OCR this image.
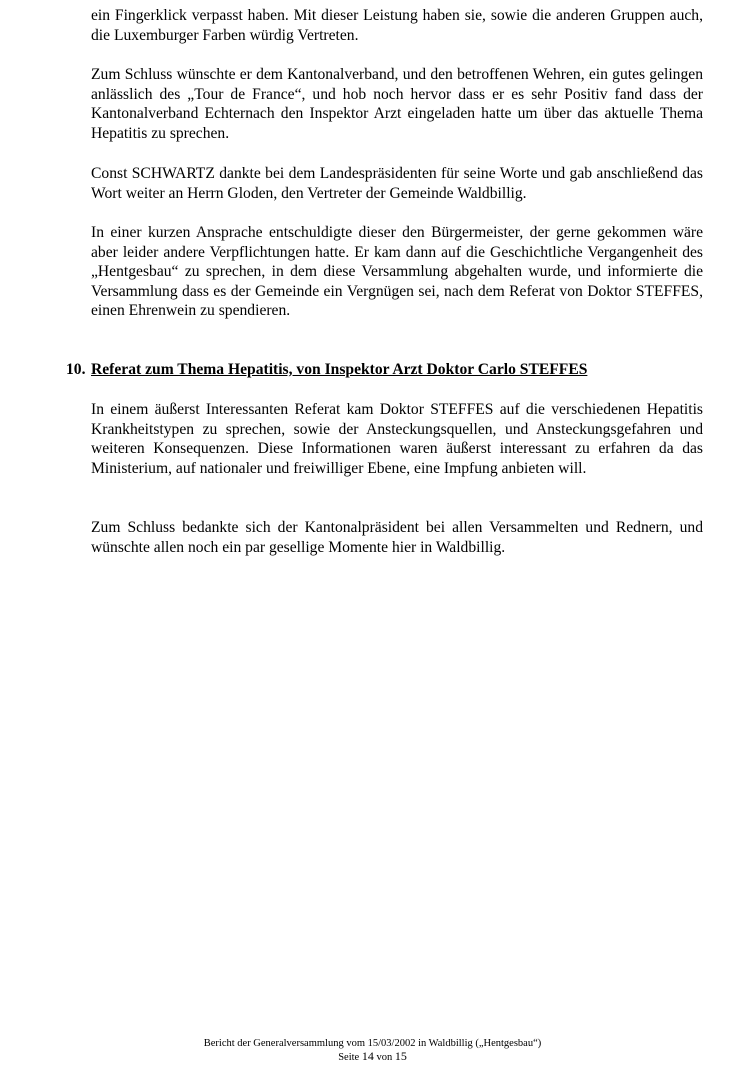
ein Fingerklick verpasst haben. Mit dieser Leistung haben sie, sowie die anderen Gruppen auch, die Luxemburger Farben würdig Vertreten.

Zum Schluss wünschte er dem Kantonalverband, und den betroffenen Wehren, ein gutes gelingen anlässlich des „Tour de France“, und hob noch hervor dass er es sehr Positiv fand dass der Kantonalverband Echternach den Inspektor Arzt eingeladen hatte um über das aktuelle Thema Hepatitis zu sprechen.

Const SCHWARTZ dankte bei dem Landespräsidenten für seine Worte und gab anschließend das Wort weiter an Herrn Gloden, den Vertreter der Gemeinde Waldbillig.

In einer kurzen Ansprache entschuldigte dieser den Bürgermeister, der gerne gekommen wäre aber leider andere Verpflichtungen hatte. Er kam dann auf die Geschichtliche Vergangenheit des „Hentgesbau“ zu sprechen, in dem diese Versammlung abgehalten wurde, und informierte die Versammlung dass es der Gemeinde ein Vergnügen sei, nach dem Referat von Doktor STEFFES, einen Ehrenwein zu spendieren.

10. Referat zum Thema Hepatitis, von Inspektor Arzt Doktor Carlo STEFFES

In einem äußerst Interessanten Referat kam Doktor STEFFES auf die verschiedenen Hepatitis Krankheitstypen zu sprechen, sowie der Ansteckungsquellen, und Ansteckungsgefahren und weiteren Konsequenzen. Diese Informationen waren äußerst interessant zu erfahren da das Ministerium, auf nationaler und freiwilliger Ebene, eine Impfung anbieten will.

Zum Schluss bedankte sich der Kantonalpräsident bei allen Versammelten und Rednern, und wünschte allen noch ein par gesellige Momente hier in Waldbillig.

Bericht der Generalversammlung vom 15/03/2002 in Waldbillig („Hentgesbau“)
Seite 14 von 15
